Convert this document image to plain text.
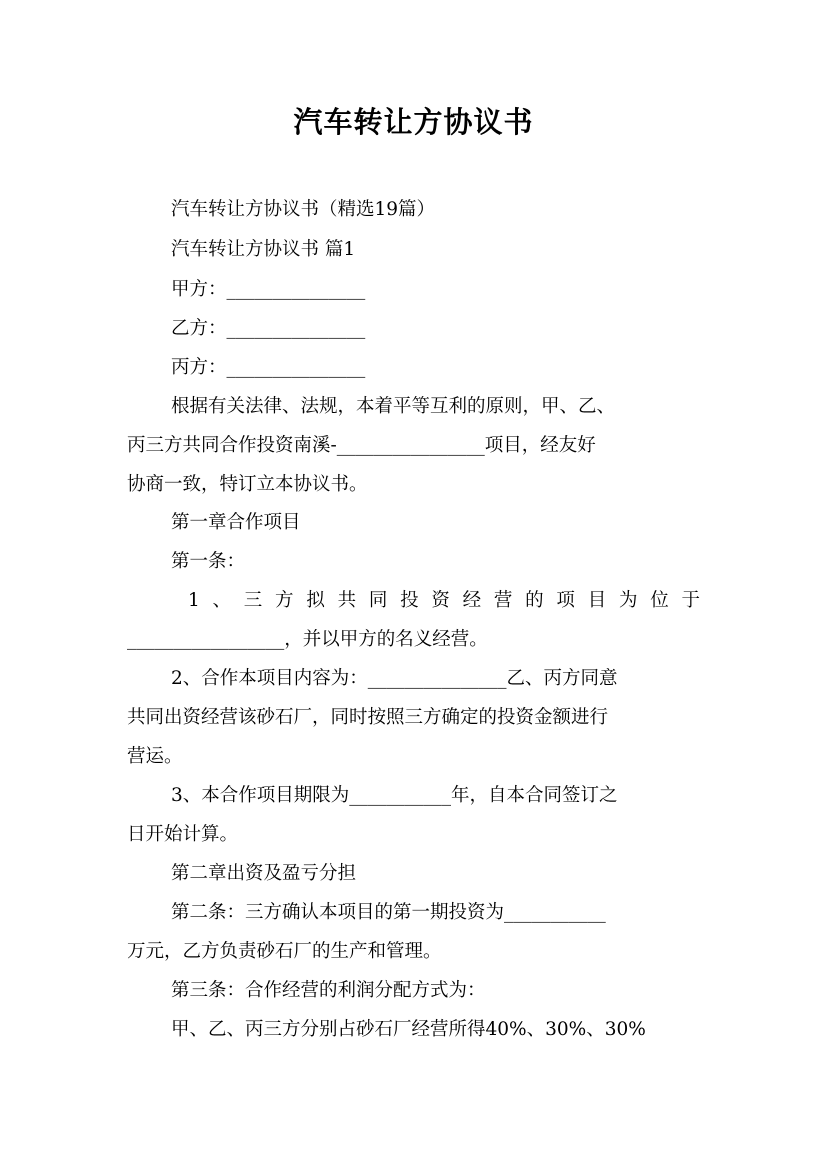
汽车转让方协议书
汽车转让方协议书（精选19篇）
汽车转让方协议书 篇1
甲方：_______________
乙方：_______________
丙方：_______________
根据有关法律、法规，本着平等互利的原则，甲、乙、
丙三方共同合作投资南溪-________________项目，经友好
协商一致，特订立本协议书。
第一章合作项目
第一条：
1、三方拟共同投资经营的项目为位于
_________________，并以甲方的名义经营。
2、合作本项目内容为：_______________乙、丙方同意
共同出资经营该砂石厂，同时按照三方确定的投资金额进行
营运。
3、本合作项目期限为___________年，自本合同签订之
日开始计算。
第二章出资及盈亏分担
第二条：三方确认本项目的第一期投资为___________
万元，乙方负责砂石厂的生产和管理。
第三条：合作经营的利润分配方式为：
甲、乙、丙三方分别占砂石厂经营所得40%、30%、30%
